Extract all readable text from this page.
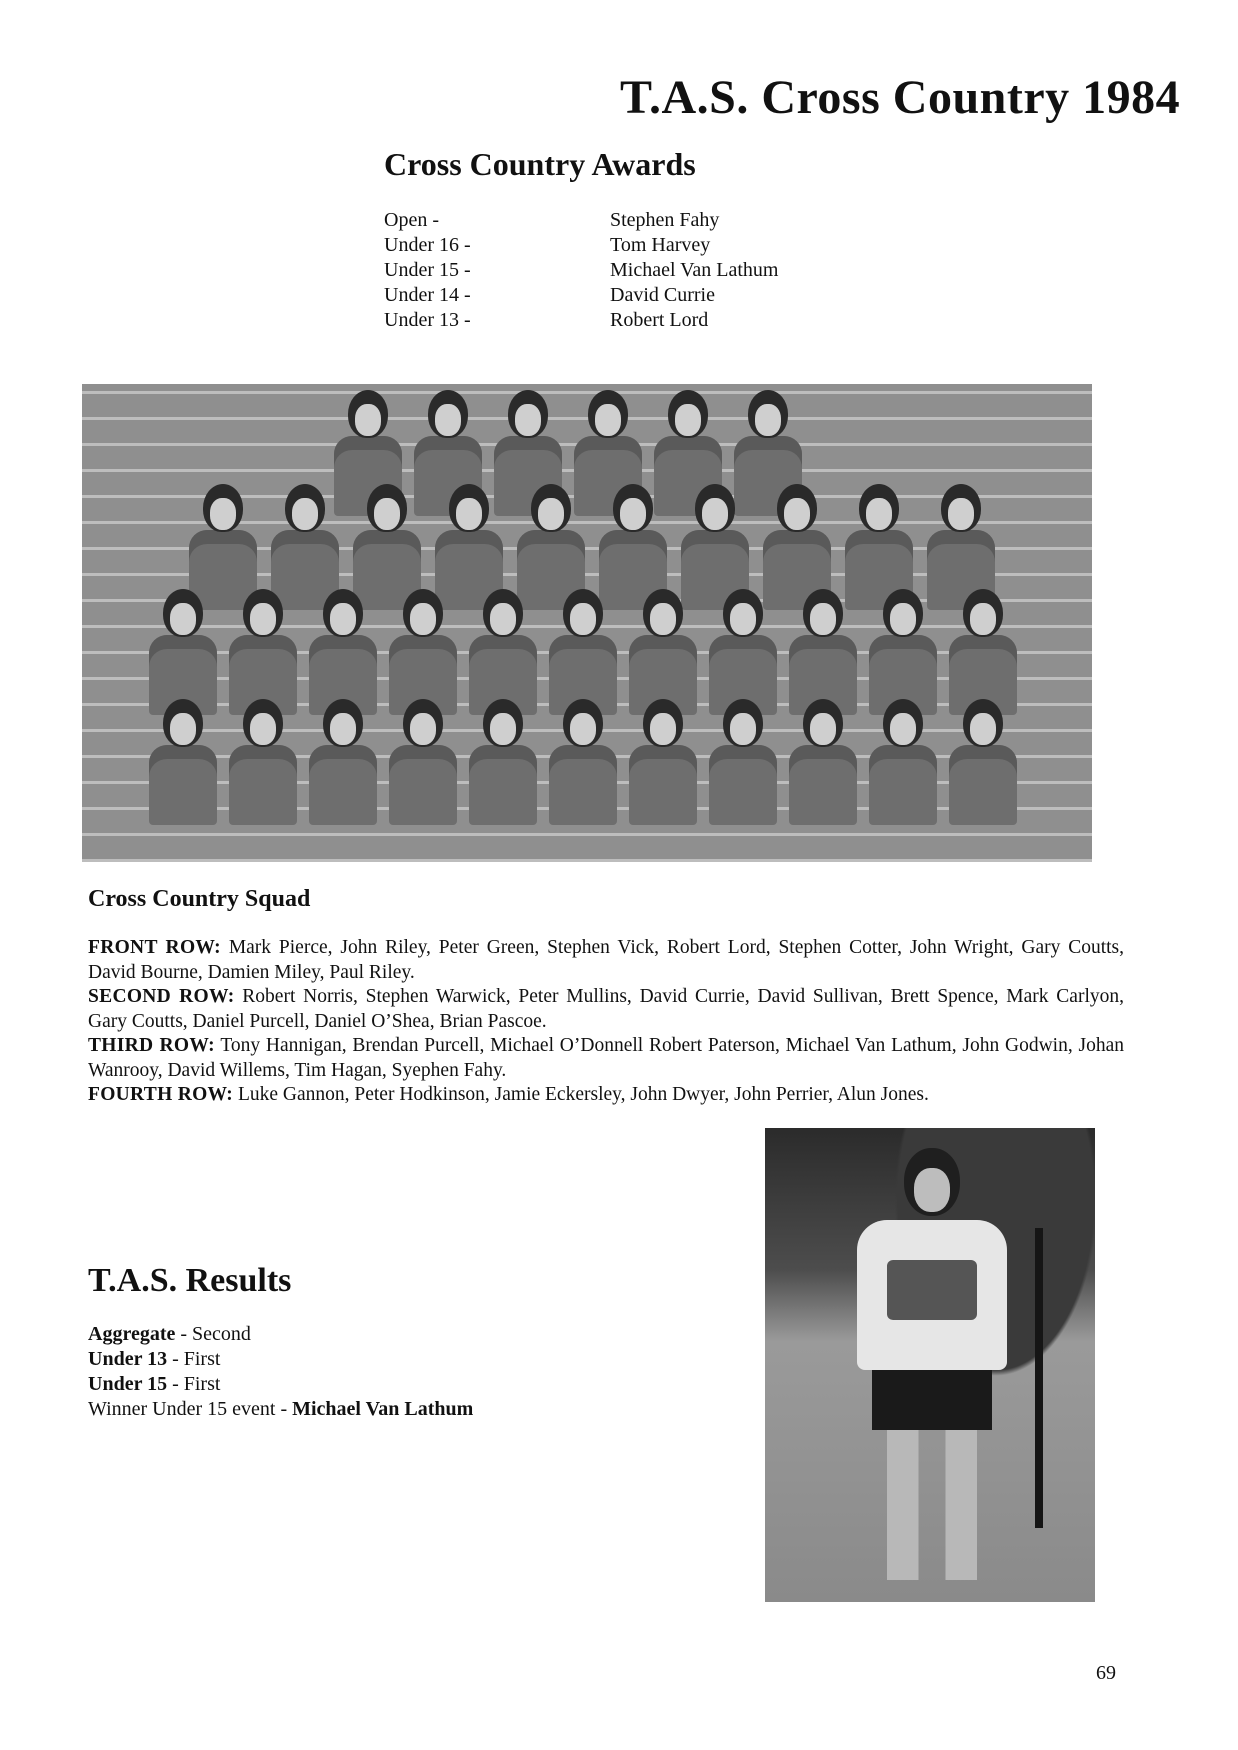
T.A.S. Cross Country 1984
Cross Country Awards
Open -
Under 16 -
Under 15 -
Under 14 -
Under 13 -
Stephen Fahy
Tom Harvey
Michael Van Lathum
David Currie
Robert Lord
Cross Country Squad

FRONT ROW: Mark Pierce, John Riley, Peter Green, Stephen Vick, Robert Lord, Stephen Cotter, John Wright, Gary Coutts, David Bourne, Damien Miley, Paul Riley.

SECOND ROW: Robert Norris, Stephen Warwick, Peter Mullins, David Currie, David Sullivan, Brett Spence, Mark Carlyon, Gary Coutts, Daniel Purcell, Daniel O’Shea, Brian Pascoe.

THIRD ROW: Tony Hannigan, Brendan Purcell, Michael O’Donnell Robert Paterson, Michael Van Lathum, John Godwin, Johan Wanrooy, David Willems, Tim Hagan, Syephen Fahy.

FOURTH ROW: Luke Gannon, Peter Hodkinson, Jamie Eckersley, John Dwyer, John Perrier, Alun Jones.

T.A.S. Results
Aggregate - Second
Under 13 - First
Under 15 - First
Winner Under 15 event - Michael Van Lathum
69
